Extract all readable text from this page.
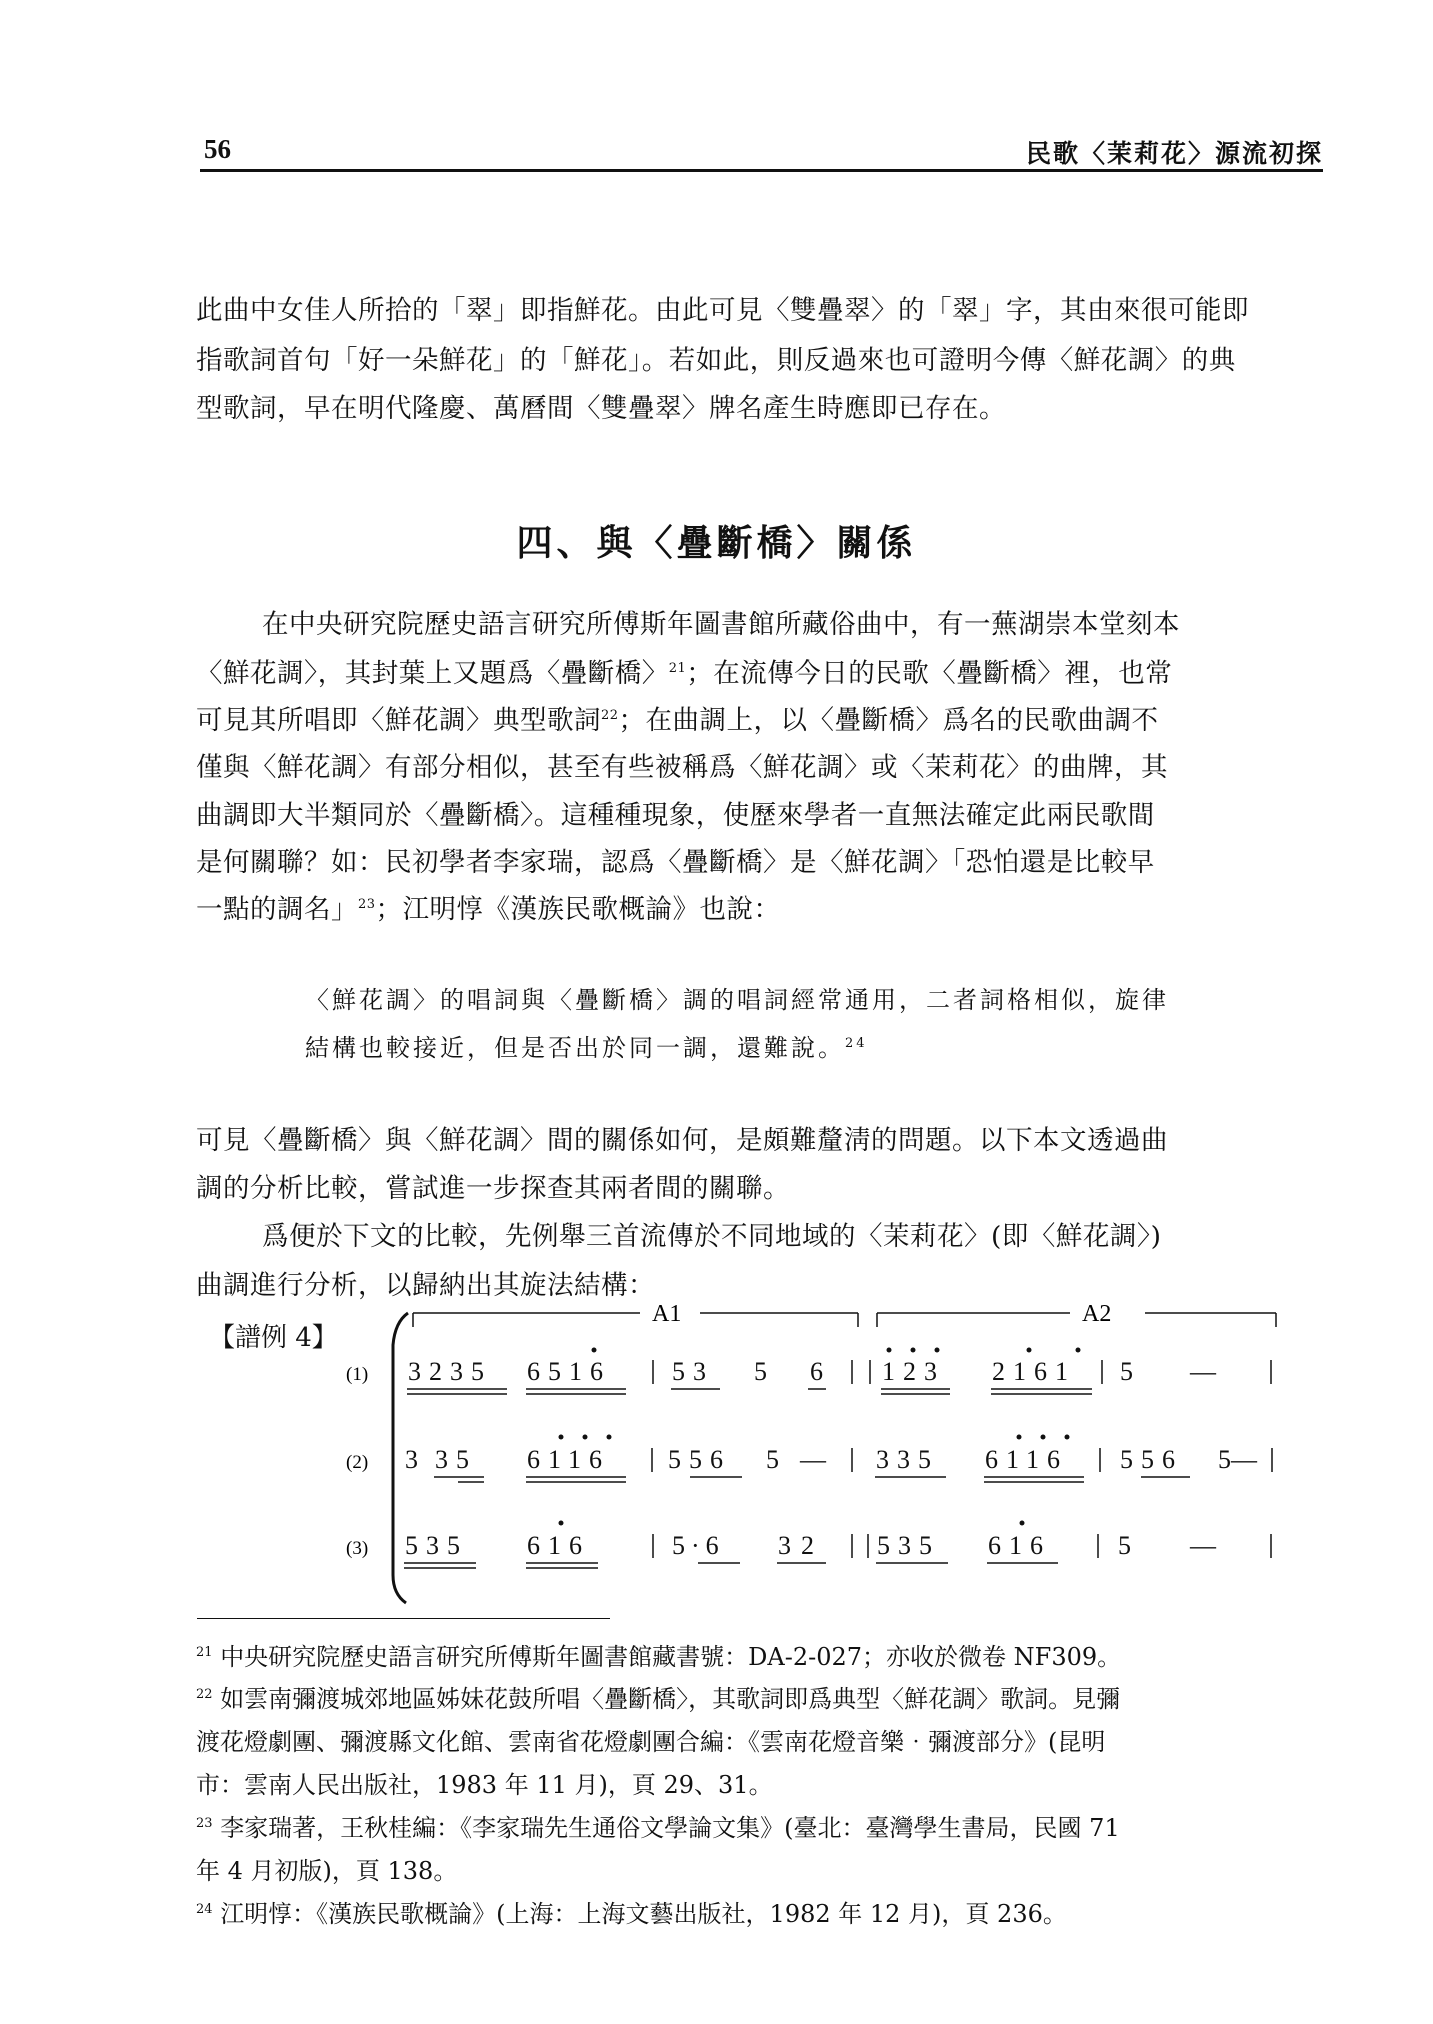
56	民歌〈茉莉花〉源流初探
此曲中女佳人所拾的「翠」即指鮮花。由此可見〈雙疊翠〉的「翠」字，其由來很可能即
指歌詞首句「好一朵鮮花」的「鮮花」。若如此，則反過來也可證明今傳〈鮮花調〉的典
型歌詞，早在明代隆慶、萬曆間〈雙疊翠〉牌名產生時應即已存在。
四、與〈疊斷橋〉關係
在中央研究院歷史語言研究所傅斯年圖書館所藏俗曲中，有一蕪湖崇本堂刻本
〈鮮花調〉，其封葉上又題爲〈疊斷橋〉$^{21}$；在流傳今日的民歌〈疊斷橋〉裡，也常
可見其所唱即〈鮮花調〉典型歌詞$^{22}$；在曲調上，以〈疊斷橋〉爲名的民歌曲調不
僅與〈鮮花調〉有部分相似，甚至有些被稱爲〈鮮花調〉或〈茉莉花〉的曲牌，其
曲調即大半類同於〈疊斷橋〉。這種種現象，使歷來學者一直無法確定此兩民歌間
是何關聯？如：民初學者李家瑞，認爲〈疊斷橋〉是〈鮮花調〉「恐怕還是比較早
一點的調名」$^{23}$；江明惇《漢族民歌概論》也說：
〈鮮花調〉的唱詞與〈疊斷橋〉調的唱詞經常通用，二者詞格相似，旋律
結構也較接近，但是否出於同一調，還難說。$^{24}$
可見〈疊斷橋〉與〈鮮花調〉間的關係如何，是頗難釐淸的問題。以下本文透過曲
調的分析比較，嘗試進一步探查其兩者間的關聯。
爲便於下文的比較，先例舉三首流傳於不同地域的〈茉莉花〉(即〈鮮花調〉)
曲調進行分析，以歸納出其旋法結構：
【譜例 4】
A1	A2
(1)
(2)
(3)
3235 6516 53 5 6 123 2161 5 —
3 35 6116 556 5 — 335 6116 556 5—
535 616	5·6 32 535 616	5 —
$^{21}$ 中央研究院歷史語言研究所傅斯年圖書館藏書號：DA-2-027；亦收於微卷 NF309。
$^{22}$ 如雲南彌渡城郊地區姊妹花鼓所唱〈疊斷橋〉，其歌詞即爲典型〈鮮花調〉歌詞。見彌
渡花燈劇團、彌渡縣文化館、雲南省花燈劇團合編：《雲南花燈音樂‧彌渡部分》(昆明
市：雲南人民出版社，1983 年 11 月)，頁 29、31。
$^{23}$ 李家瑞著，王秋桂編：《李家瑞先生通俗文學論文集》(臺北：臺灣學生書局，民國 71
年 4 月初版)，頁 138。
$^{24}$ 江明惇：《漢族民歌概論》(上海：上海文藝出版社，1982 年 12 月)，頁 236。
